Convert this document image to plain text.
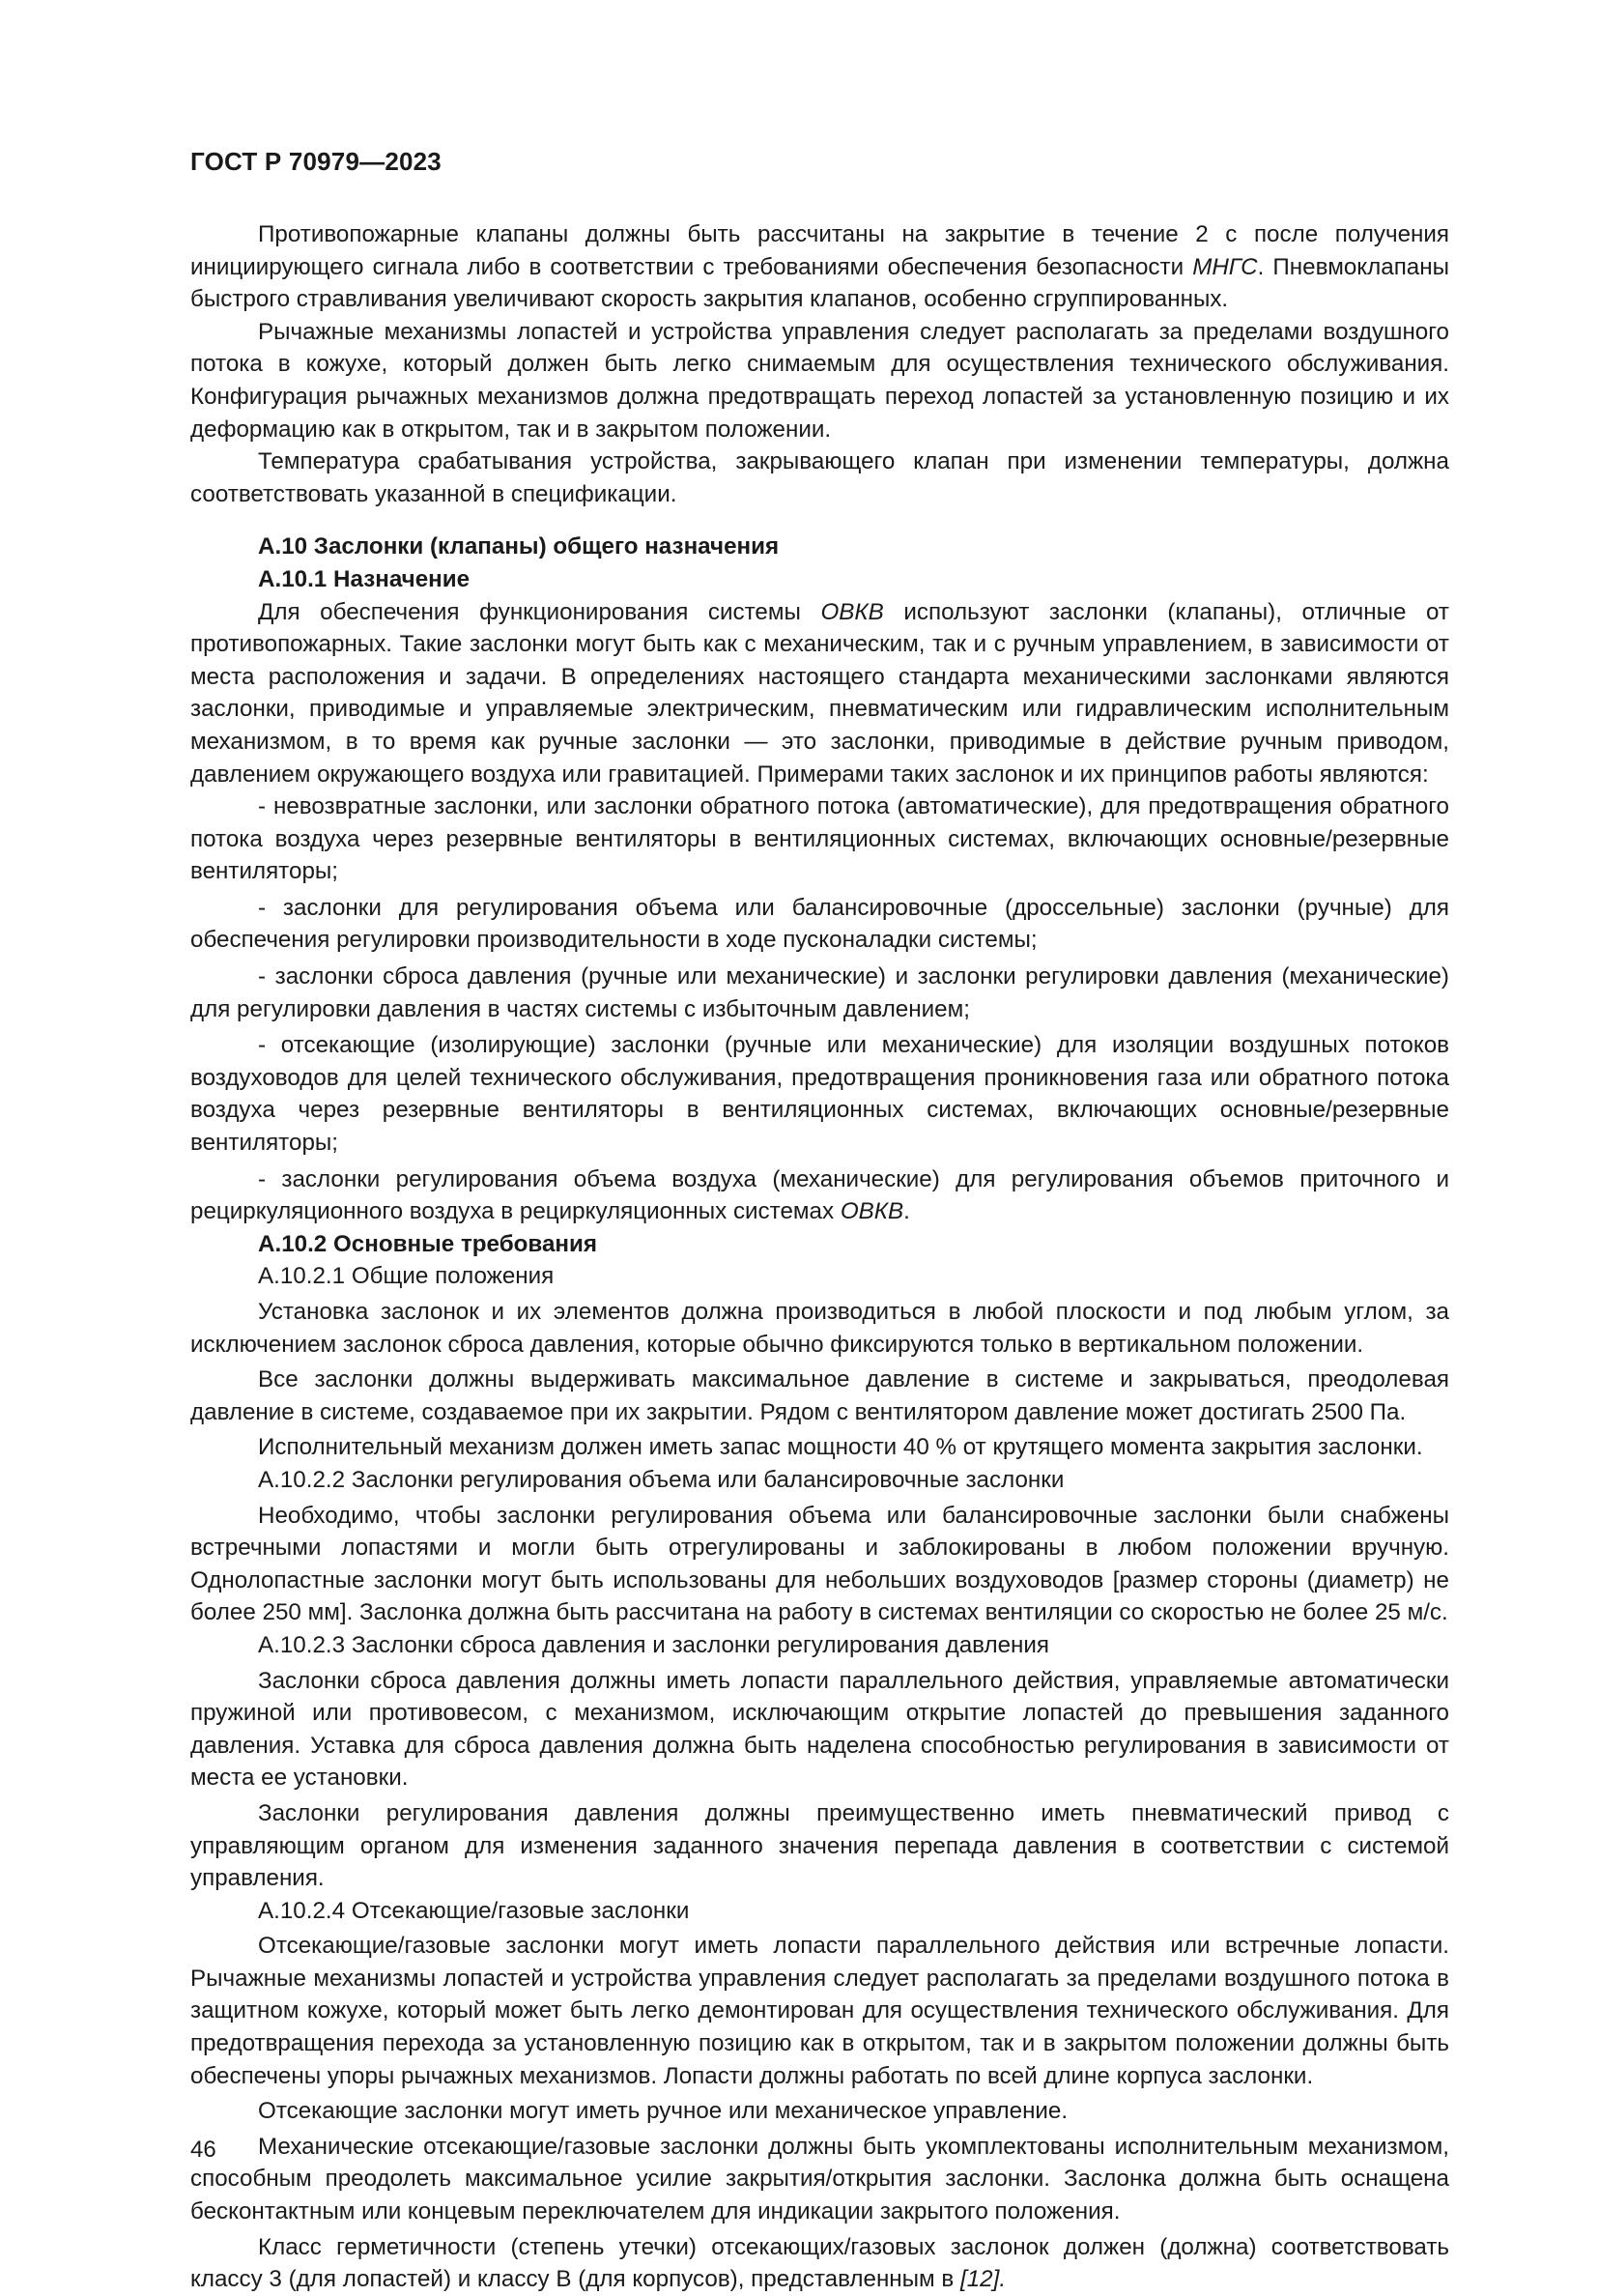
ГОСТ Р 70979—2023

Противопожарные клапаны должны быть рассчитаны на закрытие в течение 2 с после получения инициирующего сигнала либо в соответствии с требованиями обеспечения безопасности МНГС. Пневмоклапаны быстрого стравливания увеличивают скорость закрытия клапанов, особенно сгруппированных.

Рычажные механизмы лопастей и устройства управления следует располагать за пределами воздушного потока в кожухе, который должен быть легко снимаемым для осуществления технического обслуживания. Конфигурация рычажных механизмов должна предотвращать переход лопастей за установленную позицию и их деформацию как в открытом, так и в закрытом положении.

Температура срабатывания устройства, закрывающего клапан при изменении температуры, должна соответствовать указанной в спецификации.

А.10 Заслонки (клапаны) общего назначения

А.10.1 Назначение

Для обеспечения функционирования системы ОВКВ используют заслонки (клапаны), отличные от противопожарных. Такие заслонки могут быть как с механическим, так и с ручным управлением, в зависимости от места расположения и задачи. В определениях настоящего стандарта механическими заслонками являются заслонки, приводимые и управляемые электрическим, пневматическим или гидравлическим исполнительным механизмом, в то время как ручные заслонки — это заслонки, приводимые в действие ручным приводом, давлением окружающего воздуха или гравитацией. Примерами таких заслонок и их принципов работы являются:

- невозвратные заслонки, или заслонки обратного потока (автоматические), для предотвращения обратного потока воздуха через резервные вентиляторы в вентиляционных системах, включающих основные/резервные вентиляторы;

- заслонки для регулирования объема или балансировочные (дроссельные) заслонки (ручные) для обеспечения регулировки производительности в ходе пусконаладки системы;

- заслонки сброса давления (ручные или механические) и заслонки регулировки давления (механические) для регулировки давления в частях системы с избыточным давлением;

- отсекающие (изолирующие) заслонки (ручные или механические) для изоляции воздушных потоков воздуховодов для целей технического обслуживания, предотвращения проникновения газа или обратного потока воздуха через резервные вентиляторы в вентиляционных системах, включающих основные/резервные вентиляторы;

- заслонки регулирования объема воздуха (механические) для регулирования объемов приточного и рециркуляционного воздуха в рециркуляционных системах ОВКВ.

А.10.2 Основные требования

А.10.2.1 Общие положения

Установка заслонок и их элементов должна производиться в любой плоскости и под любым углом, за исключением заслонок сброса давления, которые обычно фиксируются только в вертикальном положении.

Все заслонки должны выдерживать максимальное давление в системе и закрываться, преодолевая давление в системе, создаваемое при их закрытии. Рядом с вентилятором давление может достигать 2500 Па.

Исполнительный механизм должен иметь запас мощности 40 % от крутящего момента закрытия заслонки.

А.10.2.2 Заслонки регулирования объема или балансировочные заслонки

Необходимо, чтобы заслонки регулирования объема или балансировочные заслонки были снабжены встречными лопастями и могли быть отрегулированы и заблокированы в любом положении вручную. Однолопастные заслонки могут быть использованы для небольших воздуховодов [размер стороны (диаметр) не более 250 мм]. Заслонка должна быть рассчитана на работу в системах вентиляции со скоростью не более 25 м/с.

А.10.2.3 Заслонки сброса давления и заслонки регулирования давления

Заслонки сброса давления должны иметь лопасти параллельного действия, управляемые автоматически пружиной или противовесом, с механизмом, исключающим открытие лопастей до превышения заданного давления. Уставка для сброса давления должна быть наделена способностью регулирования в зависимости от места ее установки.

Заслонки регулирования давления должны преимущественно иметь пневматический привод с управляющим органом для изменения заданного значения перепада давления в соответствии с системой управления.

А.10.2.4 Отсекающие/газовые заслонки

Отсекающие/газовые заслонки могут иметь лопасти параллельного действия или встречные лопасти. Рычажные механизмы лопастей и устройства управления следует располагать за пределами воздушного потока в защитном кожухе, который может быть легко демонтирован для осуществления технического обслуживания. Для предотвращения перехода за установленную позицию как в открытом, так и в закрытом положении должны быть обеспечены упоры рычажных механизмов. Лопасти должны работать по всей длине корпуса заслонки.

Отсекающие заслонки могут иметь ручное или механическое управление.

Механические отсекающие/газовые заслонки должны быть укомплектованы исполнительным механизмом, способным преодолеть максимальное усилие закрытия/открытия заслонки. Заслонка должна быть оснащена бесконтактным или концевым переключателем для индикации закрытого положения.

Класс герметичности (степень утечки) отсекающих/газовых заслонок должен (должна) соответствовать классу 3 (для лопастей) и классу В (для корпусов), представленным в [12].

46
